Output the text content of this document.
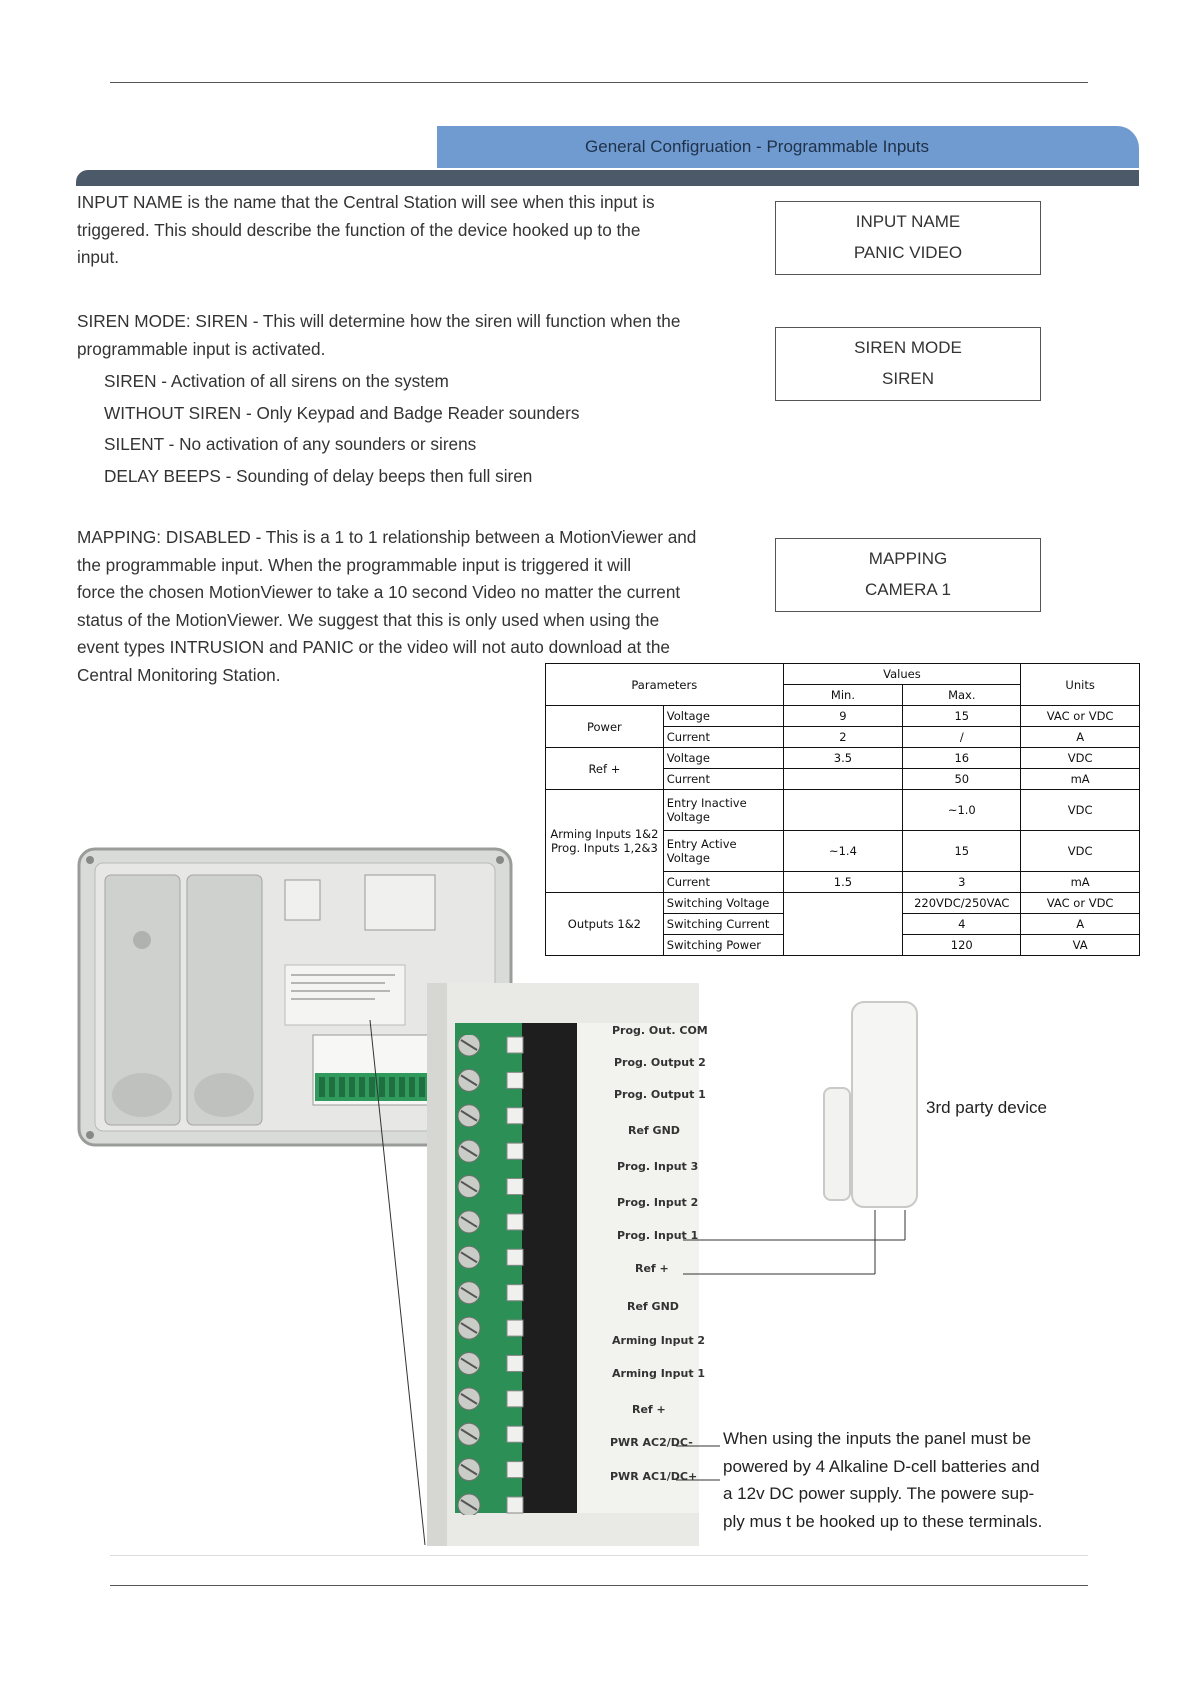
General Configruation - Programmable Inputs
INPUT NAME is the name that the Central Station will see when this input is
triggered. This should describe the function of the device hooked up to the
input.
INPUT NAME
PANIC VIDEO
SIREN MODE: SIREN - This will determine how the siren will function when the
programmable input is activated.
SIREN - Activation of all sirens on the system
WITHOUT SIREN - Only Keypad and Badge Reader sounders
SILENT - No activation of any sounders or sirens
DELAY BEEPS - Sounding of delay beeps then full siren
SIREN MODE
SIREN
MAPPING: DISABLED - This is a 1 to 1 relationship between a MotionViewer and
the programmable input. When the programmable input is triggered it will
force the chosen MotionViewer to take a 10 second Video no matter the current
status of the MotionViewer. We suggest that this is only used when using the
event types INTRUSION and PANIC or the video will not auto download at the
Central Monitoring Station.
MAPPING
CAMERA 1
Parameters		Values		Units
		Min.	Max.	
Power	Voltage	9	15	VAC or VDC
	Current	2	/	A
Ref +	Voltage	3.5	16	VDC
	Current		50	mA

Arming Inputs 1&2
Prog. Inputs 1,2&3	Entry Inactive Voltage		~1.0	VDC
	Entry Active Voltage	~1.4	15	VDC
	Current	1.5	3	mA
Outputs 1&2	Switching Voltage		220VDC/250VAC	VAC or VDC
	Switching Current		4	A
	Switching Power		120	VA
Prog. Out. COM
Prog. Output 2
Prog. Output 1
Ref GND
Prog. Input 3
Prog. Input 2
Prog. Input 1
Ref +
Ref GND
Arming Input 2
Arming Input 1
Ref +
PWR AC2/DC-
PWR AC1/DC+
3rd party device
When using the inputs the panel must be
powered by 4 Alkaline D-cell batteries and
a 12v DC power supply. The powere sup-
ply mus t be hooked up to these terminals.
